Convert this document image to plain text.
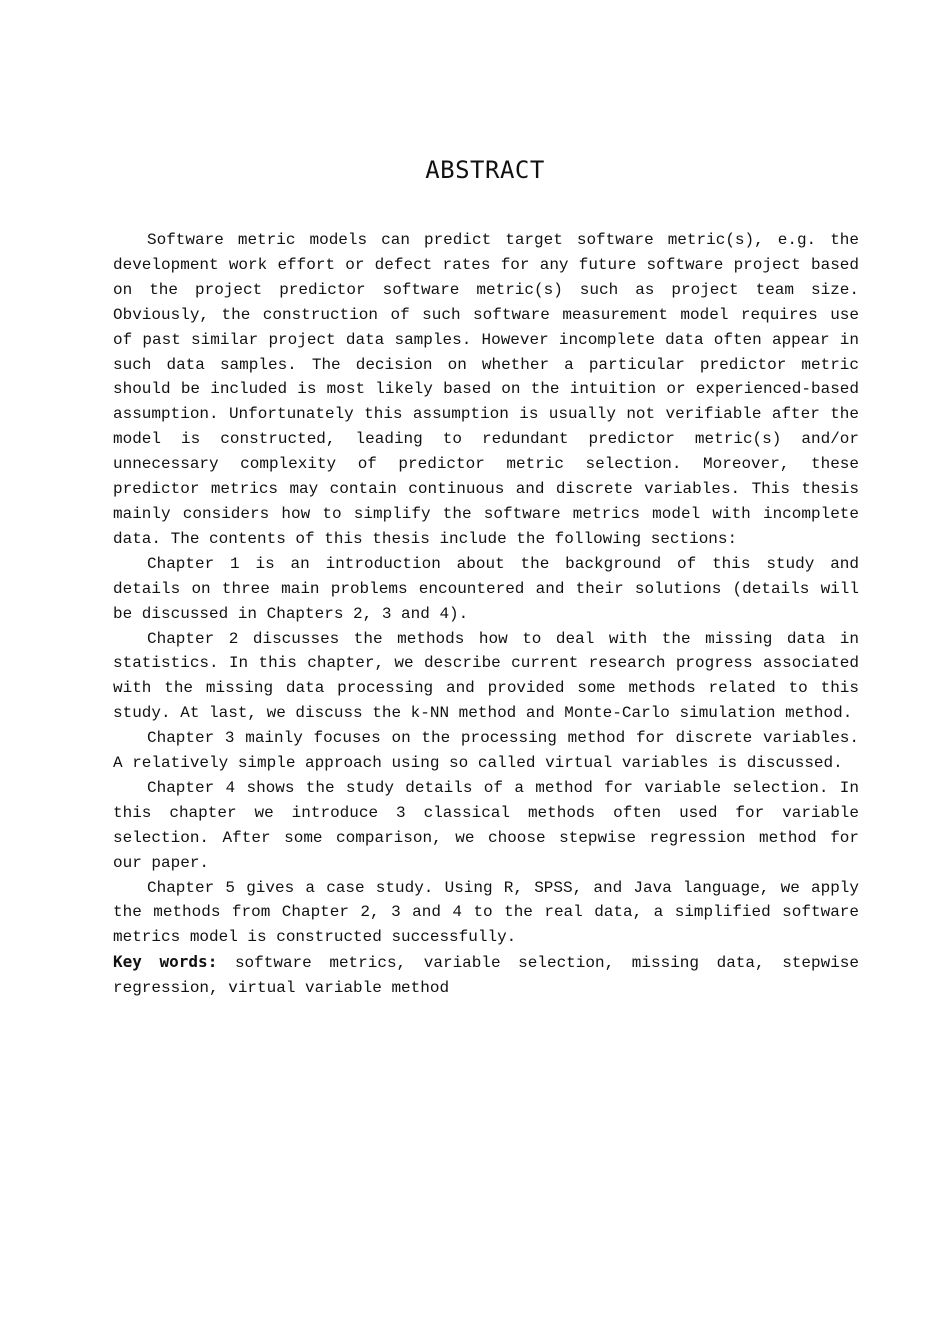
ABSTRACT

Software metric models can predict target software metric(s), e.g. the development work effort or defect rates for any future software project based on the project predictor software metric(s) such as project team size. Obviously, the construction of such software measurement model requires use of past similar project data samples. However incomplete data often appear in such data samples. The decision on whether a particular predictor metric should be included is most likely based on the intuition or experienced-based assumption. Unfortunately this assumption is usually not verifiable after the model is constructed, leading to redundant predictor metric(s) and/or unnecessary complexity of predictor metric selection. Moreover, these predictor metrics may contain continuous and discrete variables. This thesis mainly considers how to simplify the software metrics model with incomplete data. The contents of this thesis include the following sections:

Chapter 1 is an introduction about the background of this study and details on three main problems encountered and their solutions (details will be discussed in Chapters 2, 3 and 4).

Chapter 2 discusses the methods how to deal with the missing data in statistics. In this chapter, we describe current research progress associated with the missing data processing and provided some methods related to this study. At last, we discuss the k-NN method and Monte-Carlo simulation method.

Chapter 3 mainly focuses on the processing method for discrete variables. A relatively simple approach using so called virtual variables is discussed.

Chapter 4 shows the study details of a method for variable selection. In this chapter we introduce 3 classical methods often used for variable selection. After some comparison, we choose stepwise regression method for our paper.

Chapter 5 gives a case study. Using R, SPSS, and Java language, we apply the methods from Chapter 2, 3 and 4 to the real data, a simplified software metrics model is constructed successfully.

Key words: software metrics, variable selection, missing data, stepwise regression, virtual variable method
